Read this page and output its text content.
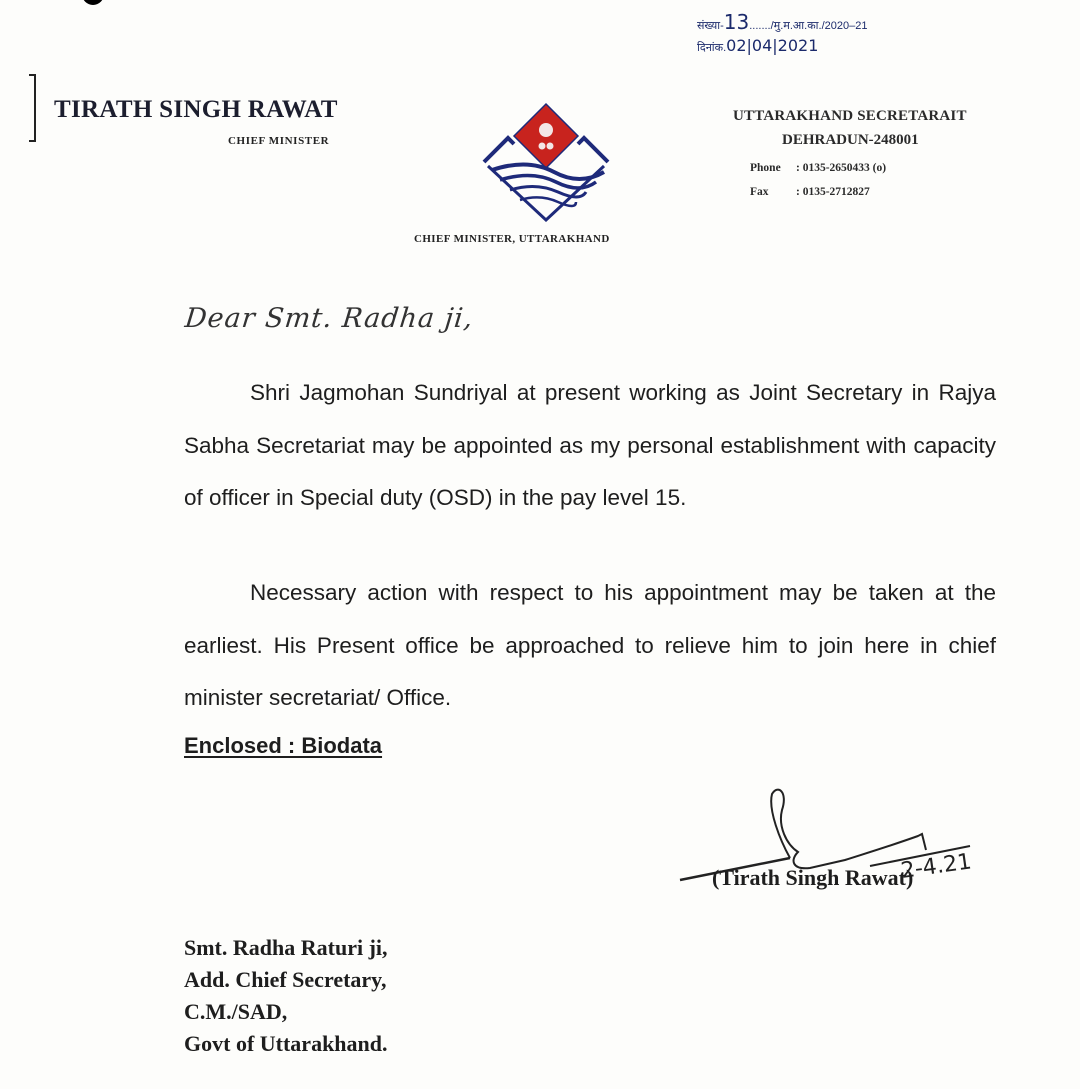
TIRATH SINGH RAWAT
CHIEF MINISTER
CHIEF MINISTER, UTTARAKHAND
संख्या-13......./मु.म.आ.का./2020–21
दिनांक.02|04|2021
UTTARAKHAND SECRETARAIT
DEHRADUN-248001
Phone : 0135-2650433 (o)
Fax : 0135-2712827
Dear Smt. Radha ji,
Shri Jagmohan Sundriyal at present working as Joint Secretary in Rajya Sabha Secretariat may be appointed as my personal establishment with capacity of officer in Special duty (OSD) in the pay level 15.
Necessary action with respect to his appointment may be taken at the earliest. His Present office be approached to relieve him to join here in chief minister secretariat/ Office.
Enclosed : Biodata
2-4.21
(Tirath Singh Rawat)
Smt. Radha Raturi ji,
Add. Chief Secretary,
C.M./SAD,
Govt of Uttarakhand.
